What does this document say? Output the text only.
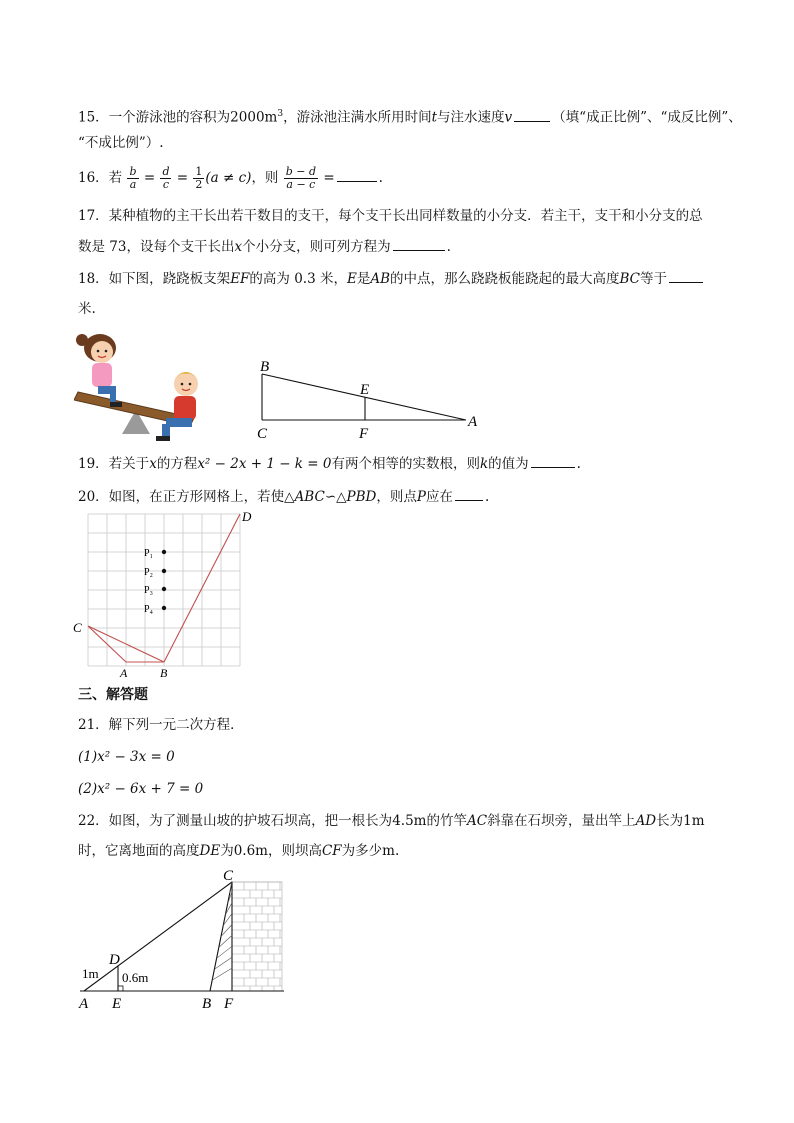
15．一个游泳池的容积为$2000m^3$，游泳池注满水所用时间t与注水速度v	（填“成正比例”、“成反比例”、
“不成比例”）.
16．若 $\frac{b}{a} = \frac{d}{c} = \frac{1}{2} (a \ne c)$，则 $\frac{b - d}{a - c}$ =	.
17．某种植物的主干长出若干数目的支干，每个支干长出同样数量的小分支．若主干，支干和小分支的总
数是 73，设每个支干长出x个小分支，则可列方程为	.
18．如下图，跷跷板支架EF的高为 0.3 米，E是AB的中点，那么跷跷板能跷起的最大高度BC等于
米.
B
E
C	F
A
19．若关于x的方程x² − 2x + 1 − k = 0有两个相等的实数根，则k的值为	.
20．如图，在正方形网格上，若使△ABC∽△PBD，则点P应在 .
P₁
P₂
P₃
P₄
D
C
A	B
三、解答题
21．解下列一元二次方程．
(1)x² − 3x = 0
(2)x² − 6x + 7 = 0
22．如图，为了测量山坡的护坡石坝高，把一根长为4.5m的竹竿AC斜靠在石坝旁，量出竿上AD长为1m
时，它离地面的高度DE为0.6m，则坝高CF为多少m.
C
D
A E	B F
1m 0.6m
